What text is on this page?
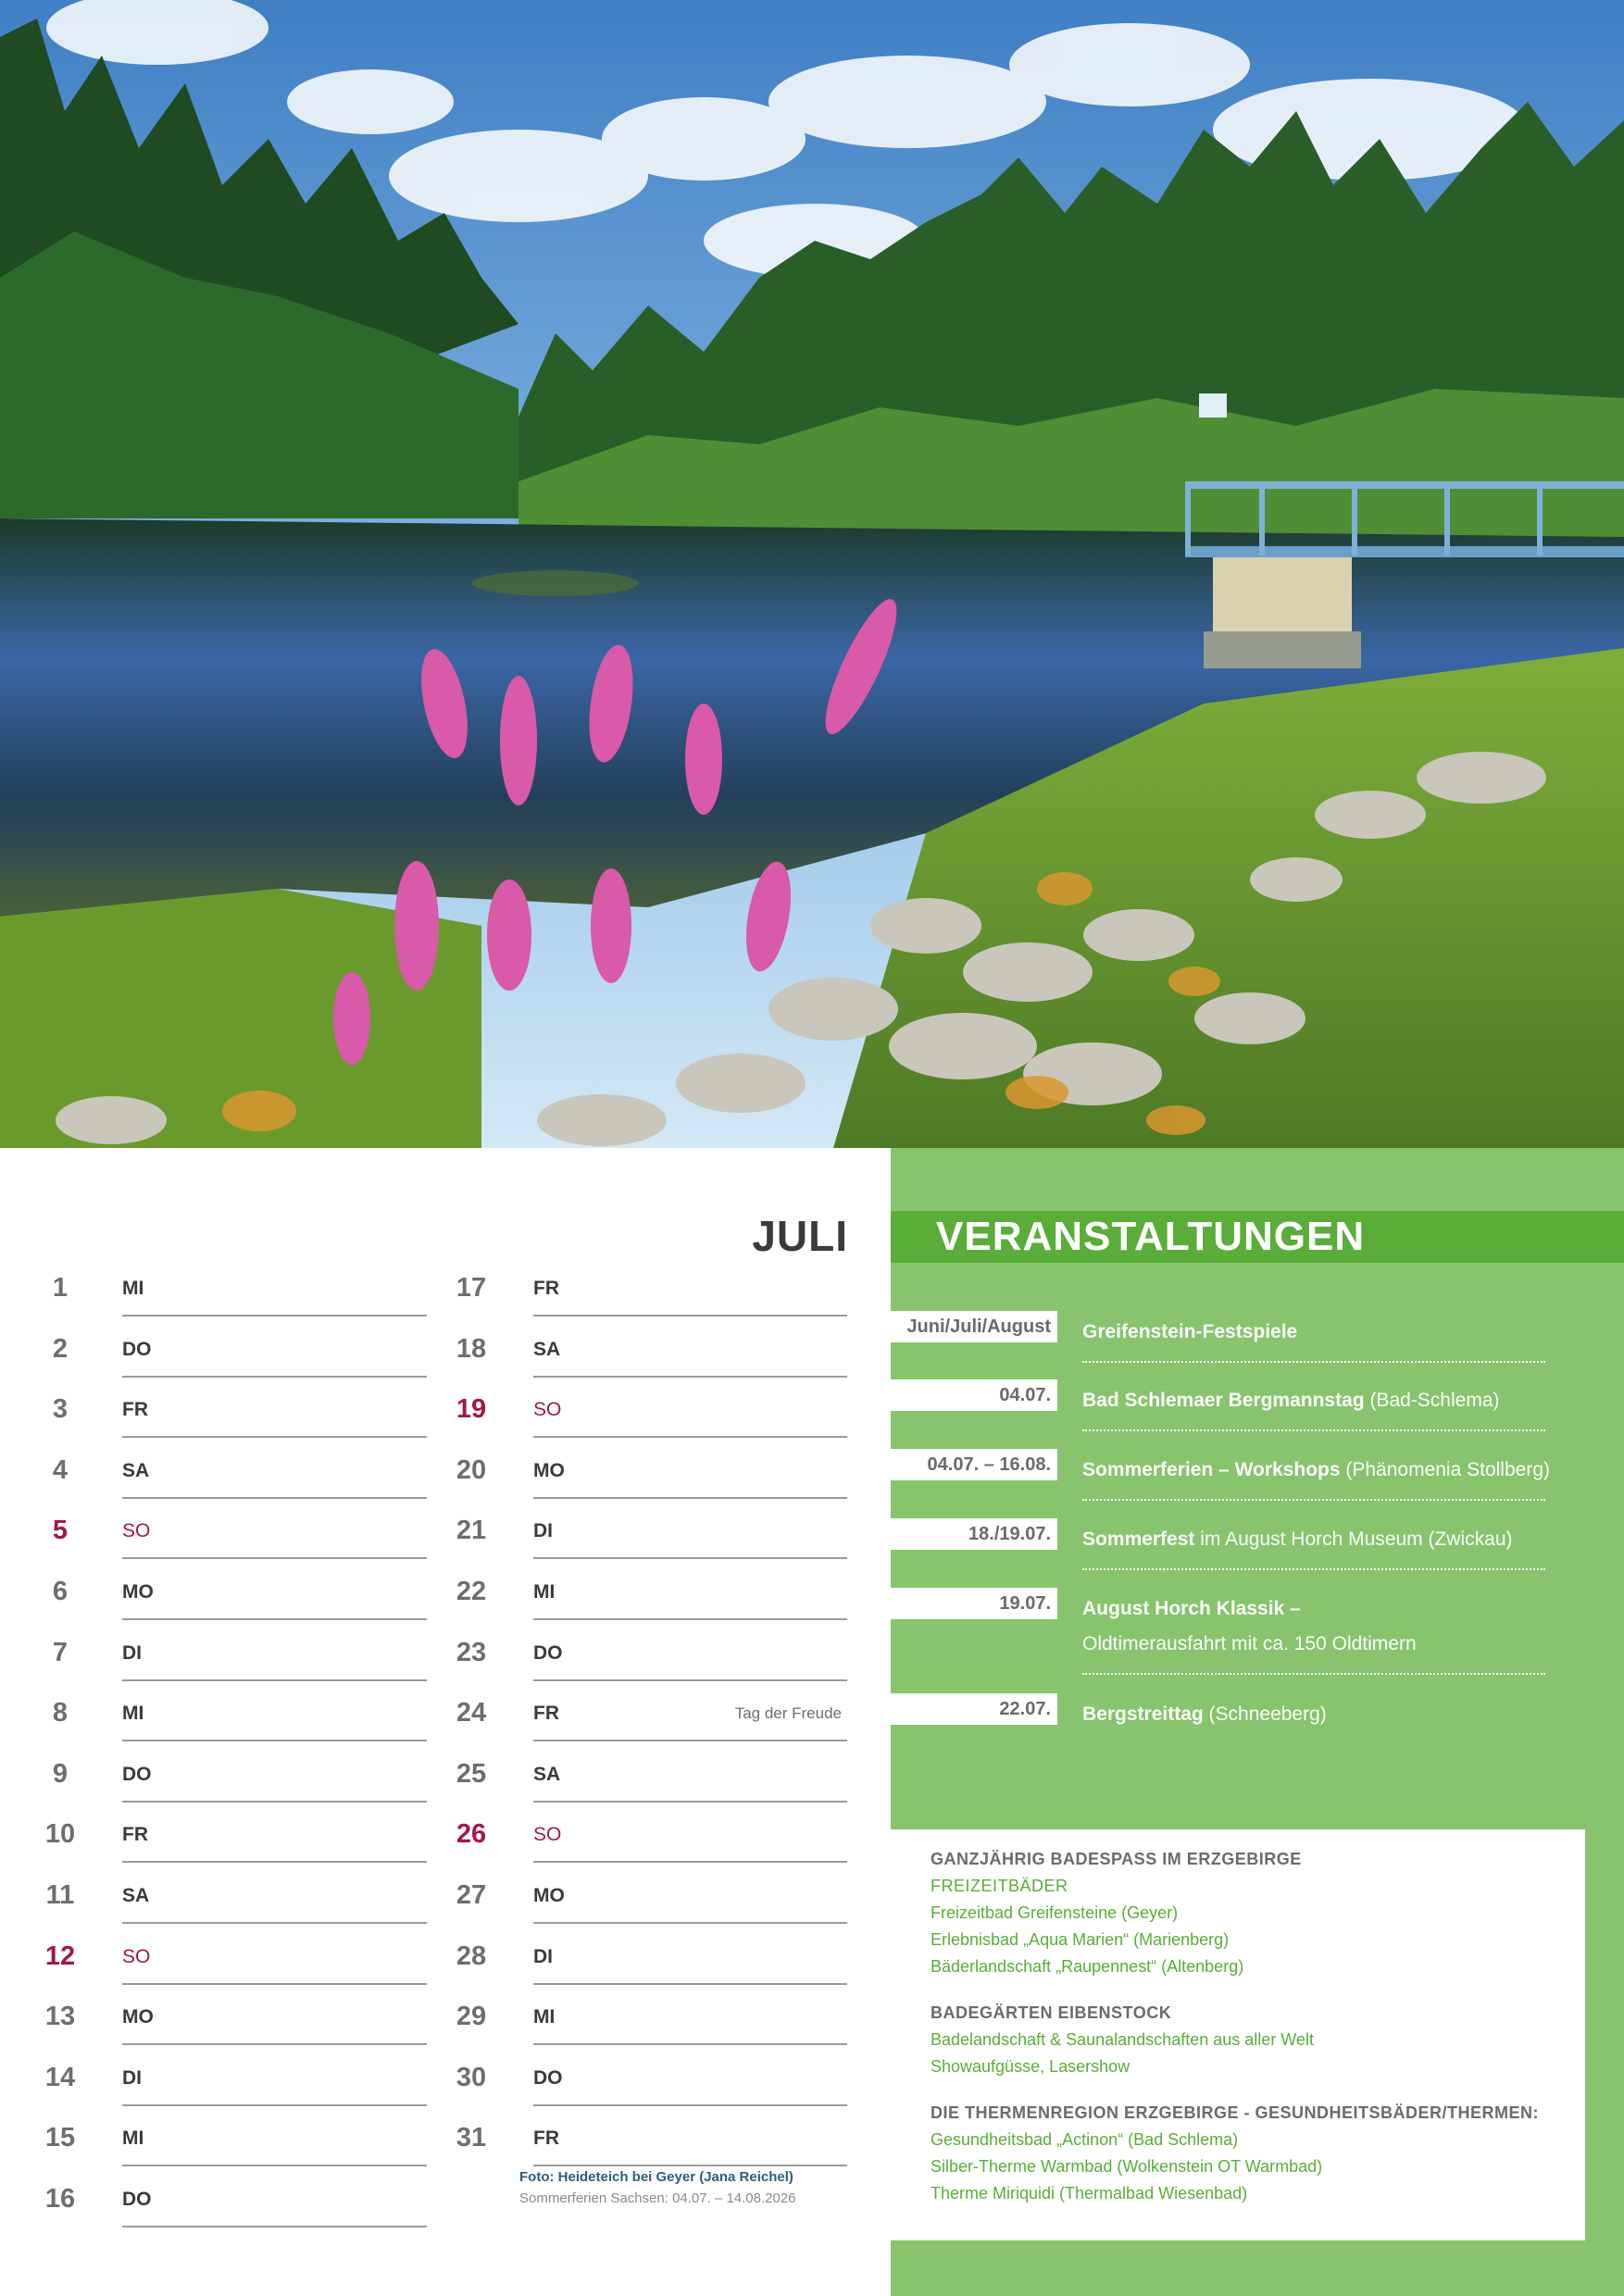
JULI
1	MI
2	DO
3	FR
4	SA
5	SO
6	MO
7	DI
8	MI
9	DO
10	FR
11	SA
12	SO
13	MO
14	DI
15	MI
16	DO
17	FR
18	SA
19	SO
20	MO
21	DI
22	MI
23	DO
24	FR	Tag der Freude
25	SA
26	SO
27	MO
28	DI
29	MI
30	DO
31	FR
Foto: Heideteich bei Geyer (Jana Reichel)
Sommerferien Sachsen: 04.07. – 14.08.2026
VERANSTALTUNGEN
Juni/Juli/August	Greifenstein-Festspiele
04.07.	Bad Schlemaer Bergmannstag (Bad-Schlema)
04.07. – 16.08.	Sommerferien – Workshops (Phänomenia Stollberg)
18./19.07.	Sommerfest im August Horch Museum (Zwickau)
19.07.	August Horch Klassik –
Oldtimerausfahrt mit ca. 150 Oldtimern
22.07.	Bergstreittag (Schneeberg)
GANZJÄHRIG BADESPASS IM ERZGEBIRGE
FREIZEITBÄDER
Freizeitbad Greifensteine (Geyer)
Erlebnisbad „Aqua Marien“ (Marienberg)
Bäderlandschaft „Raupennest“ (Altenberg)
BADEGÄRTEN EIBENSTOCK
Badelandschaft & Saunalandschaften aus aller Welt
Showaufgüsse, Lasershow
DIE THERMENREGION ERZGEBIRGE - GESUNDHEITSBÄDER/THERMEN:
Gesundheitsbad „Actinon“ (Bad Schlema)
Silber-Therme Warmbad (Wolkenstein OT Warmbad)
Therme Miriquidi (Thermalbad Wiesenbad)
